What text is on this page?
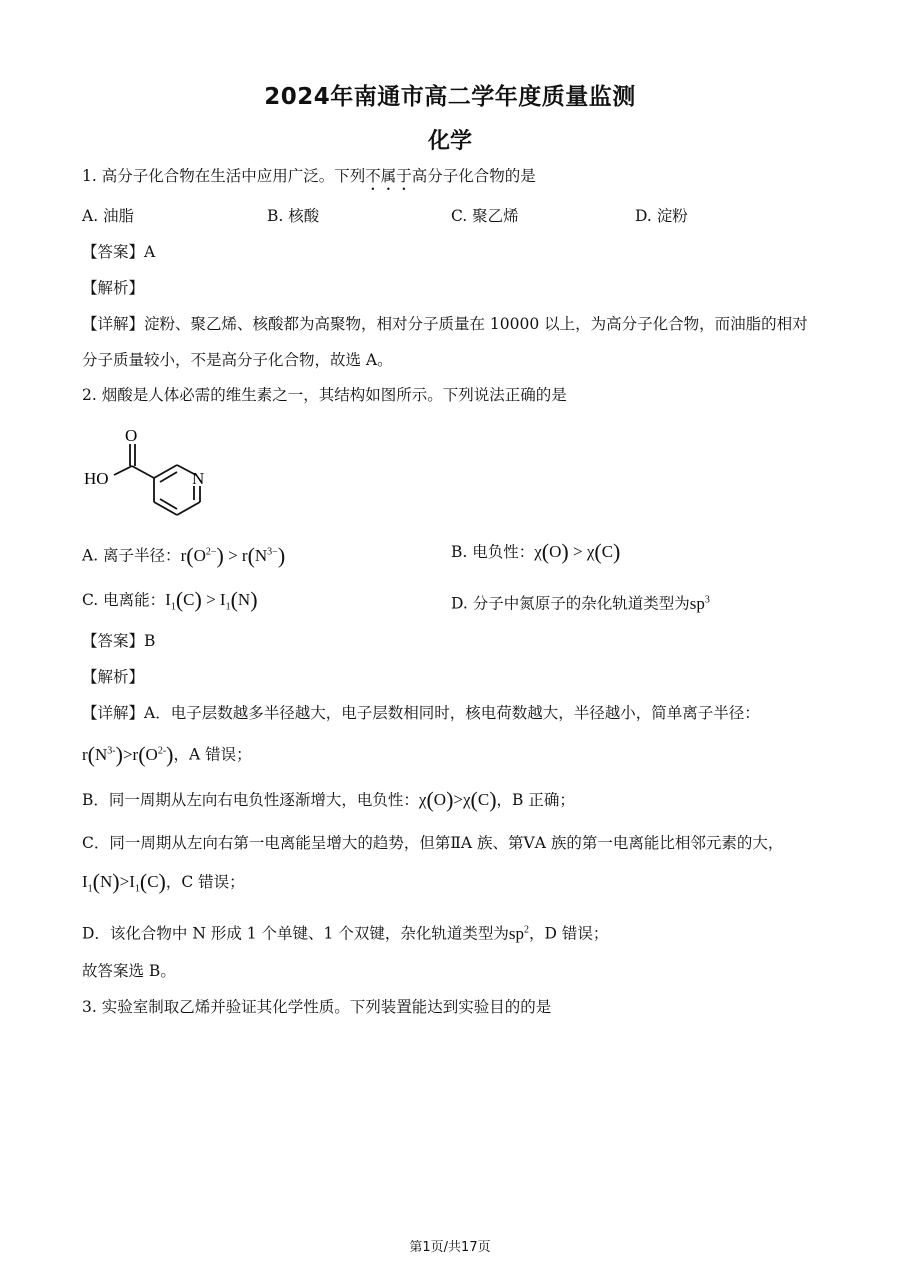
2024年南通市高二学年度质量监测
化学
1. 高分子化合物在生活中应用广泛。下列不属于高分子化合物的是
A. 油脂	B. 核酸	C. 聚乙烯	D. 淀粉
【答案】A
【解析】
【详解】淀粉、聚乙烯、核酸都为高聚物，相对分子质量在 10000 以上，为高分子化合物，而油脂的相对
分子质量较小，不是高分子化合物，故选 A。
2. 烟酸是人体必需的维生素之一，其结构如图所示。下列说法正确的是
O
HO	N
A. 离子半径：$r(O^{2-}) > r(N^{3-})$	B. 电负性：χ(O) > χ(C)
C. 电离能：$I_1(C) > I_1(N)$	D. 分子中氮原子的杂化轨道类型为$sp^3$
【答案】B
【解析】
【详解】A．电子层数越多半径越大，电子层数相同时，核电荷数越大，半径越小，简单离子半径：
$r(N^{3-})>r(O^{2-})$，A 错误；
B．同一周期从左向右电负性逐渐增大，电负性：χ(O)>χ(C)，B 正确；
C．同一周期从左向右第一电离能呈增大的趋势，但第ⅡA 族、第ⅤA 族的第一电离能比相邻元素的大，
$I_1(N)>I_1(C)$，C 错误；
D．该化合物中 N 形成 1 个单键、1 个双键，杂化轨道类型为$sp^2$，D 错误；
故答案选 B。
3. 实验室制取乙烯并验证其化学性质。下列装置能达到实验目的的是
第1页/共17页
